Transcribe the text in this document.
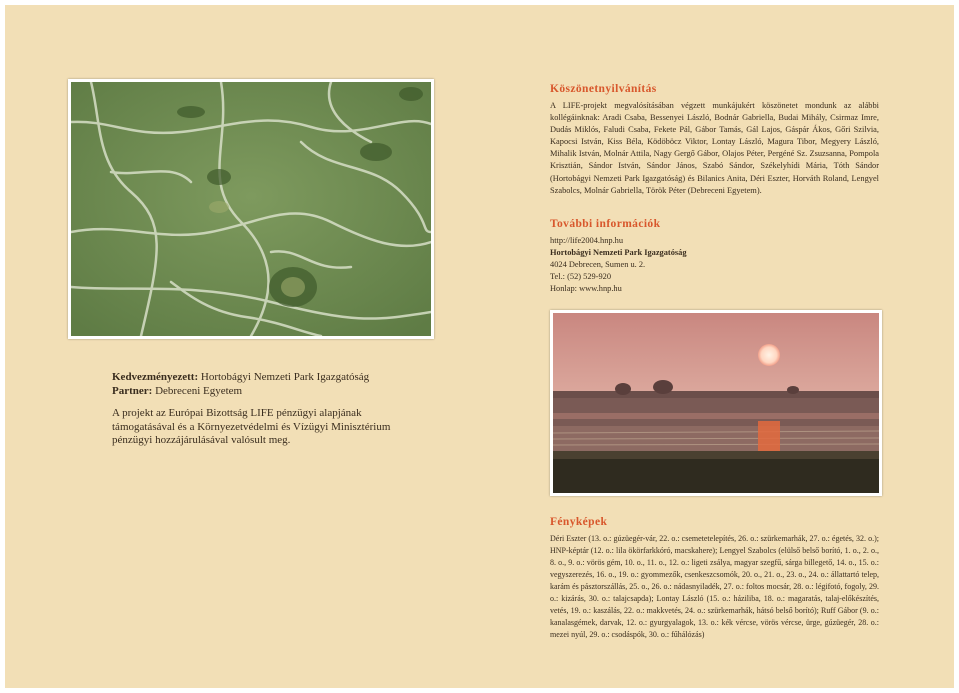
Köszönetnyilvánítás

A LIFE-projekt megvalósításában végzett munkájukért köszönetet mondunk az alábbi kollégáinknak: Aradi Csaba, Bessenyei László, Bodnár Gabriella, Budai Mihály, Csirmaz Imre, Dudás Miklós, Faludi Csaba, Fekete Pál, Gábor Tamás, Gál Lajos, Gáspár Ákos, Gőri Szilvia, Kapocsi István, Kiss Béla, Ködöböcz Viktor, Lontay László, Magura Tibor, Megyery László, Mihalik István, Molnár Attila, Nagy Gergő Gábor, Olajos Péter, Pergéné Sz. Zsuzsanna, Pompola Krisztián, Sándor István, Sándor János, Szabó Sándor, Székelyhídi Mária, Tóth Sándor (Hortobágyi Nemzeti Park Igazgatóság) és Bilanics Anita, Déri Eszter, Horváth Roland, Lengyel Szabolcs, Molnár Gabriella, Török Péter (Debreceni Egyetem).

További információk
http://life2004.hnp.hu
Hortobágyi Nemzeti Park Igazgatóság
4024 Debrecen, Sumen u. 2.
Tel.: (52) 529-920
Honlap: www.hnp.hu
Kedvezményezett: Hortobágyi Nemzeti Park Igazgatóság
Partner: Debreceni Egyetem
A projekt az Európai Bizottság LIFE pénzügyi alapjának támogatásával és a Környezetvédelmi és Vízügyi Minisztérium pénzügyi hozzájárulásával valósult meg.
Fényképek

Déri Eszter (13. o.: gúzüegér-vár, 22. o.: csemetetelepítés, 26. o.: szürkemarhák, 27. o.: égetés, 32. o.); HNP-képtár (12. o.: lila ökörfarkkóró, macskahere); Lengyel Szabolcs (elülső belső borító, 1. o., 2. o., 8. o., 9. o.: vörös gém, 10. o., 11. o., 12. o.: ligeti zsálya, magyar szegfű, sárga billegető, 14. o., 15. o.: vegyszerezés, 16. o., 19. o.: gyommezők, csenkeszcsomók, 20. o., 21. o., 23. o., 24. o.: állattartó telep, karám és pásztorszállás, 25. o., 26. o.: nádasnyiladék, 27. o.: foltos mocsár, 28. o.: légifotó, fogoly, 29. o.: kizárás, 30. o.: talajcsapda); Lontay László (15. o.: háziliba, 18. o.: magaratás, talaj-előkészítés, vetés, 19. o.: kaszálás, 22. o.: makkvetés, 24. o.: szürkemarhák, hátsó belső borító); Ruff Gábor (9. o.: kanalasgémek, darvak, 12. o.: gyurgyalagok, 13. o.: kék vércse, vörös vércse, ürge, gúzüegér, 28. o.: mezei nyúl, 29. o.: csodáspók, 30. o.: fűhálózás)
